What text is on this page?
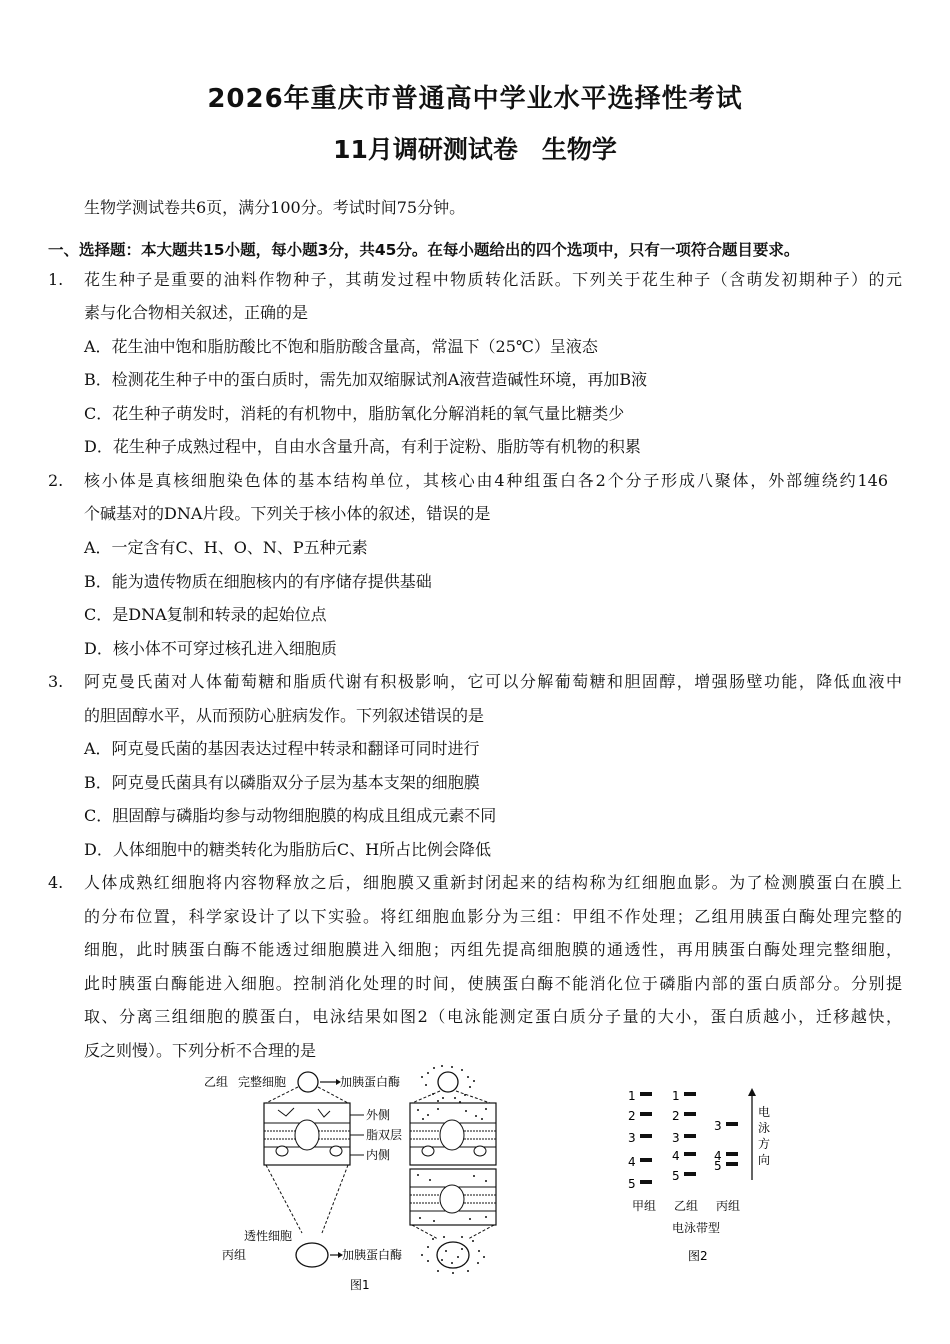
2026年重庆市普通高中学业水平选择性考试
11月调研测试卷 生物学
生物学测试卷共6页，满分100分。考试时间75分钟。
一、选择题：本大题共15小题，每小题3分，共45分。在每小题给出的四个选项中，只有一项符合题目要求。
1. 花生种子是重要的油料作物种子，其萌发过程中物质转化活跃。下列关于花生种子（含萌发初期种子）的元
素与化合物相关叙述，正确的是
A．花生油中饱和脂肪酸比不饱和脂肪酸含量高，常温下（25℃）呈液态
B．检测花生种子中的蛋白质时，需先加双缩脲试剂A液营造碱性环境，再加B液
C．花生种子萌发时，消耗的有机物中，脂肪氧化分解消耗的氧气量比糖类少
D．花生种子成熟过程中，自由水含量升高，有利于淀粉、脂肪等有机物的积累
2. 核小体是真核细胞染色体的基本结构单位，其核心由4种组蛋白各2个分子形成八聚体，外部缠绕约146
个碱基对的DNA片段。下列关于核小体的叙述，错误的是
A．一定含有C、H、O、N、P五种元素
B．能为遗传物质在细胞核内的有序储存提供基础
C．是DNA复制和转录的起始位点
D．核小体不可穿过核孔进入细胞质
3. 阿克曼氏菌对人体葡萄糖和脂质代谢有积极影响，它可以分解葡萄糖和胆固醇，增强肠壁功能，降低血液中
的胆固醇水平，从而预防心脏病发作。下列叙述错误的是
A．阿克曼氏菌的基因表达过程中转录和翻译可同时进行
B．阿克曼氏菌具有以磷脂双分子层为基本支架的细胞膜
C．胆固醇与磷脂均参与动物细胞膜的构成且组成元素不同
D．人体细胞中的糖类转化为脂肪后C、H所占比例会降低
4. 人体成熟红细胞将内容物释放之后，细胞膜又重新封闭起来的结构称为红细胞血影。为了检测膜蛋白在膜上
的分布位置，科学家设计了以下实验。将红细胞血影分为三组：甲组不作处理；乙组用胰蛋白酶处理完整的
细胞，此时胰蛋白酶不能透过细胞膜进入细胞；丙组先提高细胞膜的通透性，再用胰蛋白酶处理完整细胞，
此时胰蛋白酶能进入细胞。控制消化处理的时间，使胰蛋白酶不能消化位于磷脂内部的蛋白质部分。分别提
取、分离三组细胞的膜蛋白，电泳结果如图2（电泳能测定蛋白质分子量的大小，蛋白质越小，迁移越快，
反之则慢）。下列分析不合理的是
乙组 完整细胞	加胰蛋白酶
外侧
脂双层
内侧
透性细胞
丙组	加胰蛋白酶
图1
1
2
3
4
5
1
2
3
4
5
3
4
5
电
泳
方
向
甲组 乙组 丙组
电泳带型
图2
